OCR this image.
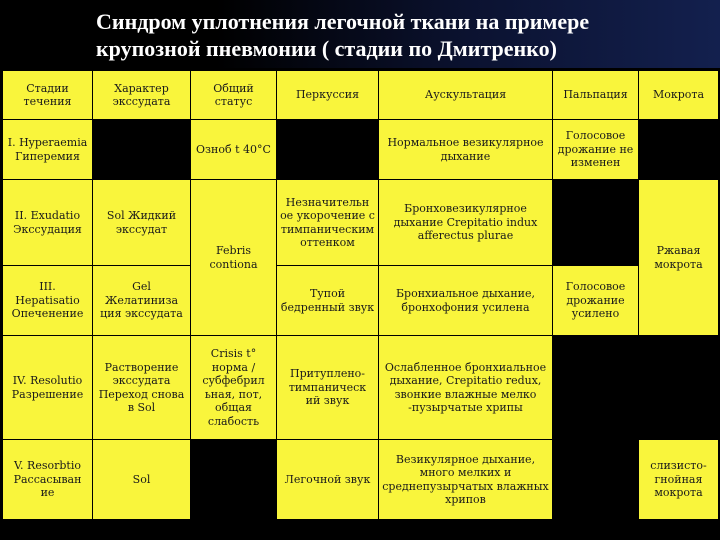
Синдром уплотнения легочной ткани на примере
крупозной пневмонии ( стадии по Дмитренко)
Стадии течения	Характер экссудата	Общий статус	Перкуссия	Аускультация	Пальпация	Мокрота
I. Hyperaemia Гиперемия		Озноб t 40°С		Нормальное везикулярное дыхание	Голосовое дрожание не изменен	
II. Exudatio Экссудация	Sol Жидкий экссудат	Febris contiona	Незначительн ое укорочение с тимпаническим оттенком	Бронховезикулярное дыхание Crepitatio indux afferectus plurae		Ржавая мокрота
III. Hepatisatio Опеченение	Gel Желатиниза ция экссудата		Тупой бедренный звук	Бронхиальное дыхание, бронхофония усилена	Голосовое дрожание усилено	
IV. Resolutio Разрешение	Растворение экссудата Переход снова в Sol	Crisis t° норма /субфебрил ьная, пот, общая слабость	Притуплено-тимпаническ ий звук	Ослабленное бронхиальное дыхание, Crepitatio redux, звонкие влажные мелко -пузырчатые хрипы		
V. Resorbtio Рассасыван ие	Sol		Легочной звук	Везикулярное дыхание, много мелких и среднепузырчатых влажных хрипов		слизисто-гнойная мокрота
